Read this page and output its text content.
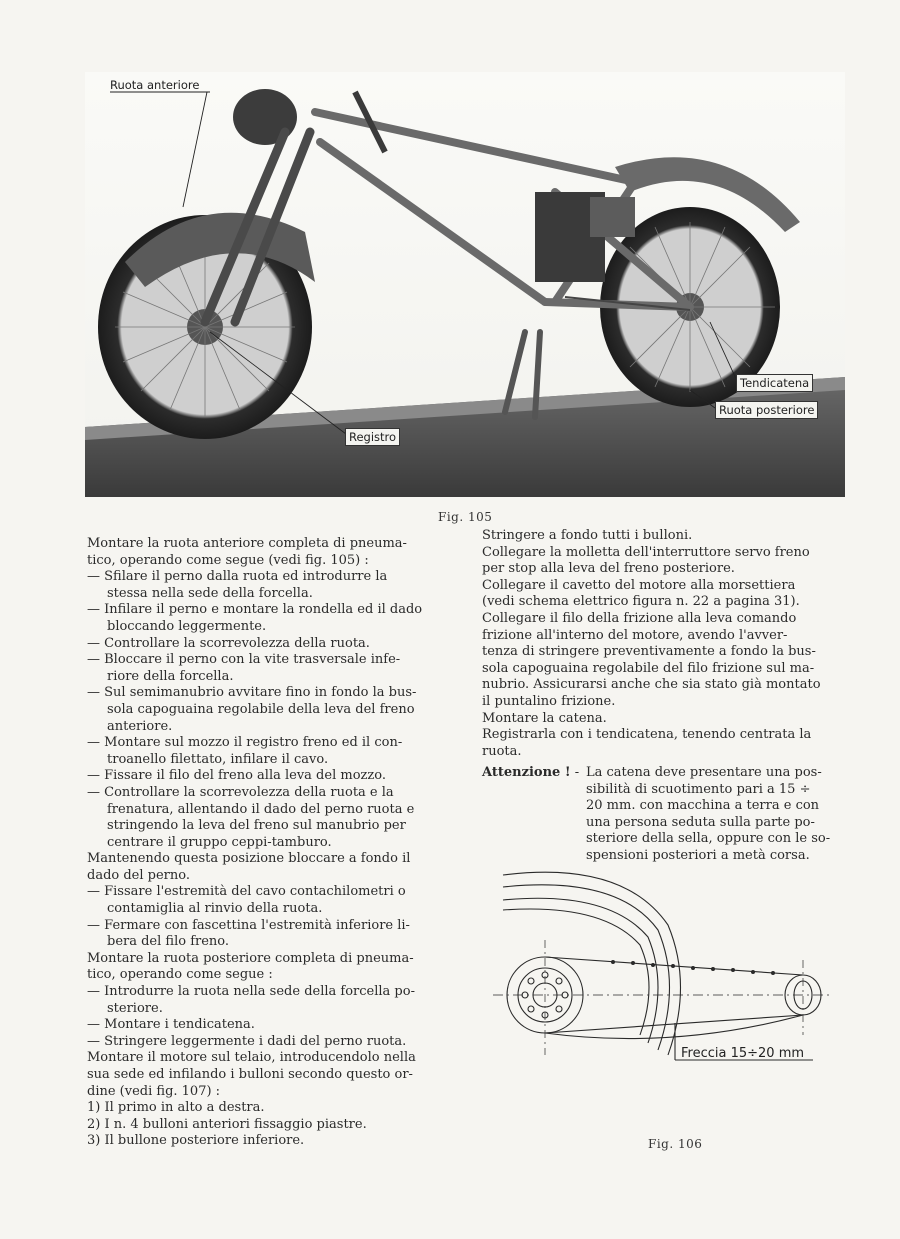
Ruota anteriore
Tendicatena
Ruota posteriore
Registro
Fig. 105

Montare la ruota anteriore completa di pneuma-

tico, operando come segue (vedi fig. 105) :

— Sfilare il perno dalla ruota ed introdurre la

stessa nella sede della forcella.

— Infilare il perno e montare la rondella ed il dado

bloccando leggermente.

— Controllare la scorrevolezza della ruota.

— Bloccare il perno con la vite trasversale infe-

riore della forcella.

— Sul semimanubrio avvitare fino in fondo la bus-

sola capoguaina regolabile della leva del freno

anteriore.

— Montare sul mozzo il registro freno ed il con-

troanello filettato, infilare il cavo.

— Fissare il filo del freno alla leva del mozzo.

— Controllare la scorrevolezza della ruota e la

frenatura, allentando il dado del perno ruota e

stringendo la leva del freno sul manubrio per

centrare il gruppo ceppi-tamburo.

Mantenendo questa posizione bloccare a fondo il

dado del perno.

— Fissare l'estremità del cavo contachilometri o

contamiglia al rinvio della ruota.

— Fermare con fascettina l'estremità inferiore li-

bera del filo freno.

Montare la ruota posteriore completa di pneuma-

tico, operando come segue :

— Introdurre la ruota nella sede della forcella po-

steriore.

— Montare i tendicatena.

— Stringere leggermente i dadi del perno ruota.

Montare il motore sul telaio, introducendolo nella

sua sede ed infilando i bulloni secondo questo or-

dine (vedi fig. 107) :

1) Il primo in alto a destra.

2) I n. 4 bulloni anteriori fissaggio piastre.

3) Il bullone posteriore inferiore.

Stringere a fondo tutti i bulloni.

Collegare la molletta dell'interruttore servo freno

per stop alla leva del freno posteriore.

Collegare il cavetto del motore alla morsettiera

(vedi schema elettrico figura n. 22 a pagina 31).

Collegare il filo della frizione alla leva comando

frizione all'interno del motore, avendo l'avver-

tenza di stringere preventivamente a fondo la bus-

sola capoguaina regolabile del filo frizione sul ma-

nubrio. Assicurarsi anche che sia stato già montato

il puntalino frizione.

Montare la catena.

Registrarla con i tendicatena, tenendo centrata la

ruota.

Attenzione ! - La catena deve presentare una pos-
sibilità di scuotimento pari a 15 ÷
20 mm. con macchina a terra e con
una persona seduta sulla parte po-
steriore della sella, oppure con le so-
spensioni posteriori a metà corsa.
Freccia 15÷20 mm
Fig. 106
